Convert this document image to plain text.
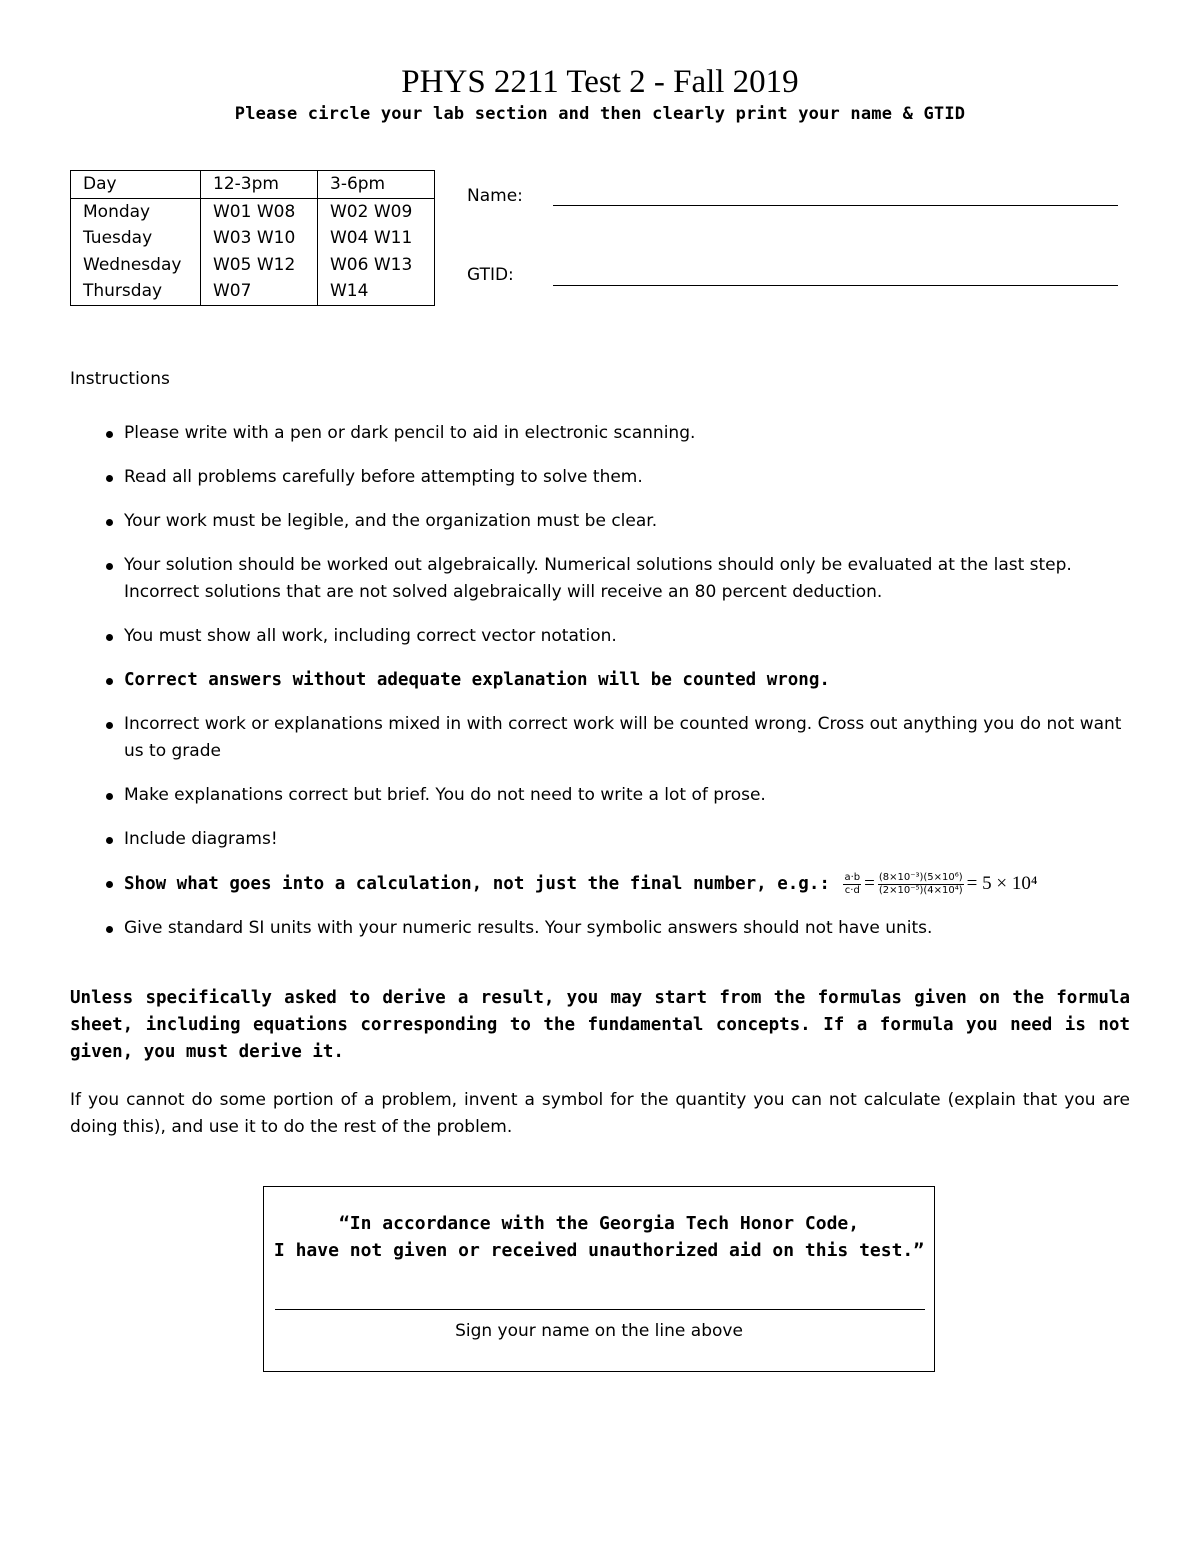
PHYS 2211 Test 2 - Fall 2019
Please circle your lab section and then clearly print your name & GTID
Day	12-3pm	3-6pm
Monday	W01 W08	W02 W09
Tuesday	W03 W10	W04 W11
Wednesday	W05 W12	W06 W13
Thursday	W07	W14
Name:
GTID:
Instructions
Please write with a pen or dark pencil to aid in electronic scanning.
Read all problems carefully before attempting to solve them.
Your work must be legible, and the organization must be clear.
Your solution should be worked out algebraically. Numerical solutions should only be evaluated at the last step. Incorrect solutions that are not solved algebraically will receive an 80 percent deduction.
You must show all work, including correct vector notation.
Correct answers without adequate explanation will be counted wrong.
Incorrect work or explanations mixed in with correct work will be counted wrong. Cross out anything you do not want us to grade
Make explanations correct but brief. You do not need to write a lot of prose.
Include diagrams!
Show what goes into a calculation, not just the final number, e.g.: $\frac{a\cdot b}{c\cdot d} = \frac{\text{(8×10⁻³)(5×10⁶)}}{\text{(2×10⁻⁵)(4×10⁴)}} = 5 \times 10^4$
Give standard SI units with your numeric results. Your symbolic answers should not have units.
Unless specifically asked to derive a result, you may start from the formulas given on the formula sheet, including equations corresponding to the fundamental concepts. If a formula you need is not given, you must derive it.
If you cannot do some portion of a problem, invent a symbol for the quantity you can not calculate (explain that you are doing this), and use it to do the rest of the problem.
“In accordance with the Georgia Tech Honor Code,
I have not given or received unauthorized aid on this test.”
Sign your name on the line above
